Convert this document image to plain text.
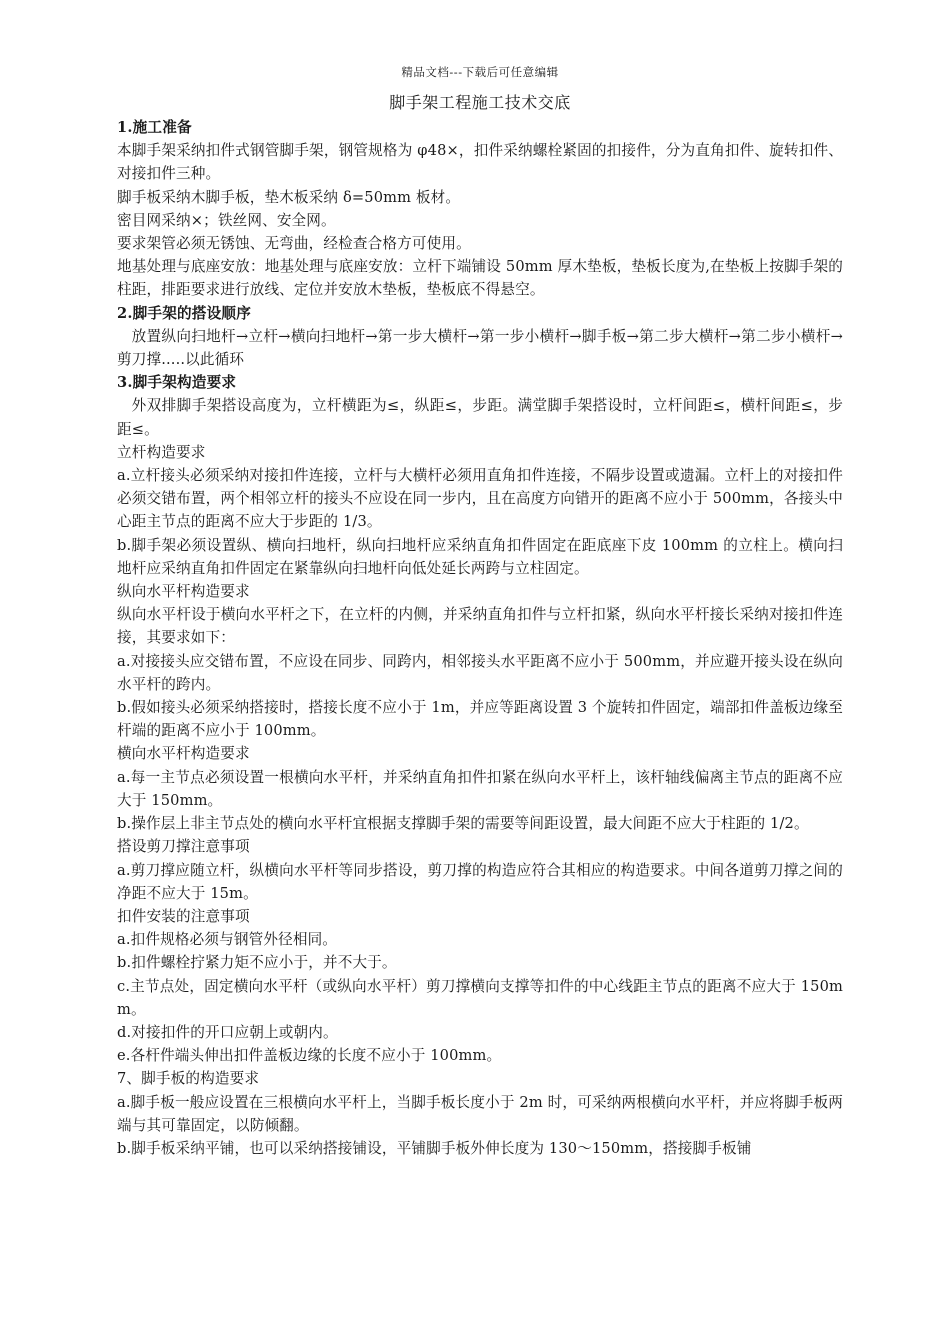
精品文档---下载后可任意编辑
脚手架工程施工技术交底
1.施工准备
本脚手架采纳扣件式钢管脚手架，钢管规格为 φ48×，扣件采纳螺栓紧固的扣接件，分为直角扣件、旋转扣件、对接扣件三种。
脚手板采纳木脚手板，垫木板采纳 δ=50mm 板材。
密目网采纳×；铁丝网、安全网。
要求架管必须无锈蚀、无弯曲，经检查合格方可使用。
地基处理与底座安放：地基处理与底座安放：立杆下端铺设 50mm 厚木垫板，垫板长度为,在垫板上按脚手架的柱距，排距要求进行放线、定位并安放木垫板，垫板底不得悬空。
2.脚手架的搭设顺序
放置纵向扫地杆→立杆→横向扫地杆→第一步大横杆→第一步小横杆→脚手板→第二步大横杆→第二步小横杆→剪刀撑.....以此循环
3.脚手架构造要求
外双排脚手架搭设高度为，立杆横距为≤，纵距≤，步距。满堂脚手架搭设时，立杆间距≤，横杆间距≤，步距≤。
立杆构造要求
a.立杆接头必须采纳对接扣件连接，立杆与大横杆必须用直角扣件连接，不隔步设置或遗漏。立杆上的对接扣件必须交错布置，两个相邻立杆的接头不应设在同一步内，且在高度方向错开的距离不应小于 500mm，各接头中心距主节点的距离不应大于步距的 1/3。
b.脚手架必须设置纵、横向扫地杆，纵向扫地杆应采纳直角扣件固定在距底座下皮 100mm 的立柱上。横向扫地杆应采纳直角扣件固定在紧靠纵向扫地杆向低处延长两跨与立柱固定。
纵向水平杆构造要求
纵向水平杆设于横向水平杆之下，在立杆的内侧，并采纳直角扣件与立杆扣紧，纵向水平杆接长采纳对接扣件连接，其要求如下：
a.对接接头应交错布置，不应设在同步、同跨内，相邻接头水平距离不应小于 500mm，并应避开接头设在纵向水平杆的跨内。
b.假如接头必须采纳搭接时，搭接长度不应小于 1m，并应等距离设置 3 个旋转扣件固定，端部扣件盖板边缘至杆端的距离不应小于 100mm。
横向水平杆构造要求
a.每一主节点必须设置一根横向水平杆，并采纳直角扣件扣紧在纵向水平杆上，该杆轴线偏离主节点的距离不应大于 150mm。
b.操作层上非主节点处的横向水平杆宜根据支撑脚手架的需要等间距设置，最大间距不应大于柱距的 1/2。
搭设剪刀撑注意事项
a.剪刀撑应随立杆，纵横向水平杆等同步搭设，剪刀撑的构造应符合其相应的构造要求。中间各道剪刀撑之间的净距不应大于 15m。
扣件安装的注意事项
a.扣件规格必须与钢管外径相同。
b.扣件螺栓拧紧力矩不应小于，并不大于。
c.主节点处，固定横向水平杆（或纵向水平杆）剪刀撑横向支撑等扣件的中心线距主节点的距离不应大于 150mm。
d.对接扣件的开口应朝上或朝内。
e.各杆件端头伸出扣件盖板边缘的长度不应小于 100mm。
7、脚手板的构造要求
a.脚手板一般应设置在三根横向水平杆上，当脚手板长度小于 2m 时，可采纳两根横向水平杆，并应将脚手板两端与其可靠固定，以防倾翻。
b.脚手板采纳平铺，也可以采纳搭接铺设，平铺脚手板外伸长度为 130～150mm，搭接脚手板铺
